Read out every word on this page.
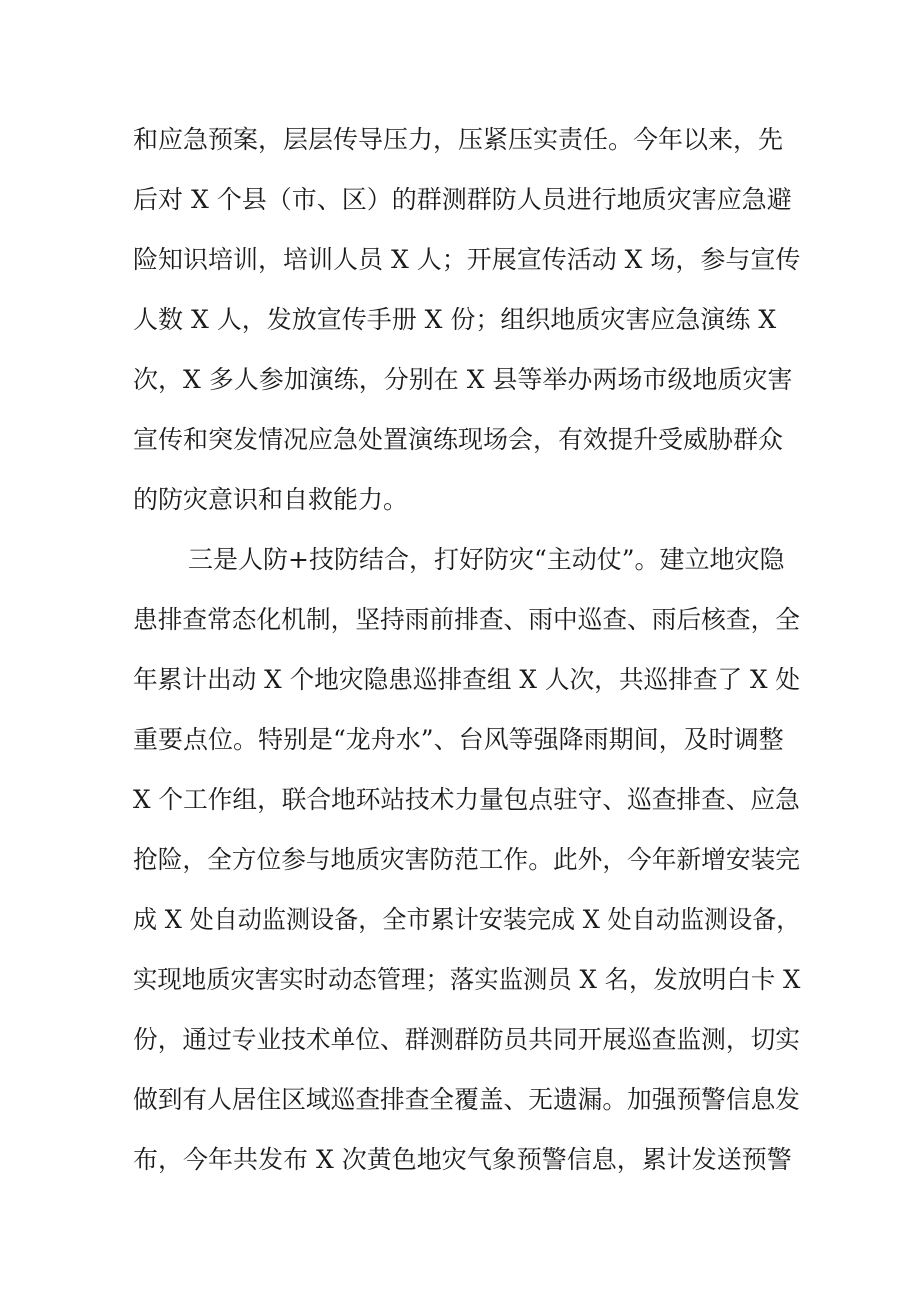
和应急预案，层层传导压力，压紧压实责任。今年以来，先
后对 X 个县（市、区）的群测群防人员进行地质灾害应急避
险知识培训，培训人员 X 人；开展宣传活动 X 场，参与宣传
人数 X 人，发放宣传手册 X 份；组织地质灾害应急演练 X
次，X 多人参加演练，分别在 X 县等举办两场市级地质灾害
宣传和突发情况应急处置演练现场会，有效提升受威胁群众
的防灾意识和自救能力。
三是人防+技防结合，打好防灾“主动仗”。建立地灾隐
患排查常态化机制，坚持雨前排查、雨中巡查、雨后核查，全
年累计出动 X 个地灾隐患巡排查组 X 人次，共巡排查了 X 处
重要点位。特别是“龙舟水”、台风等强降雨期间，及时调整
X 个工作组，联合地环站技术力量包点驻守、巡查排查、应急
抢险，全方位参与地质灾害防范工作。此外，今年新增安装完
成 X 处自动监测设备，全市累计安装完成 X 处自动监测设备，
实现地质灾害实时动态管理；落实监测员 X 名，发放明白卡 X
份，通过专业技术单位、群测群防员共同开展巡查监测，切实
做到有人居住区域巡查排查全覆盖、无遗漏。加强预警信息发
布，今年共发布 X 次黄色地灾气象预警信息，累计发送预警
